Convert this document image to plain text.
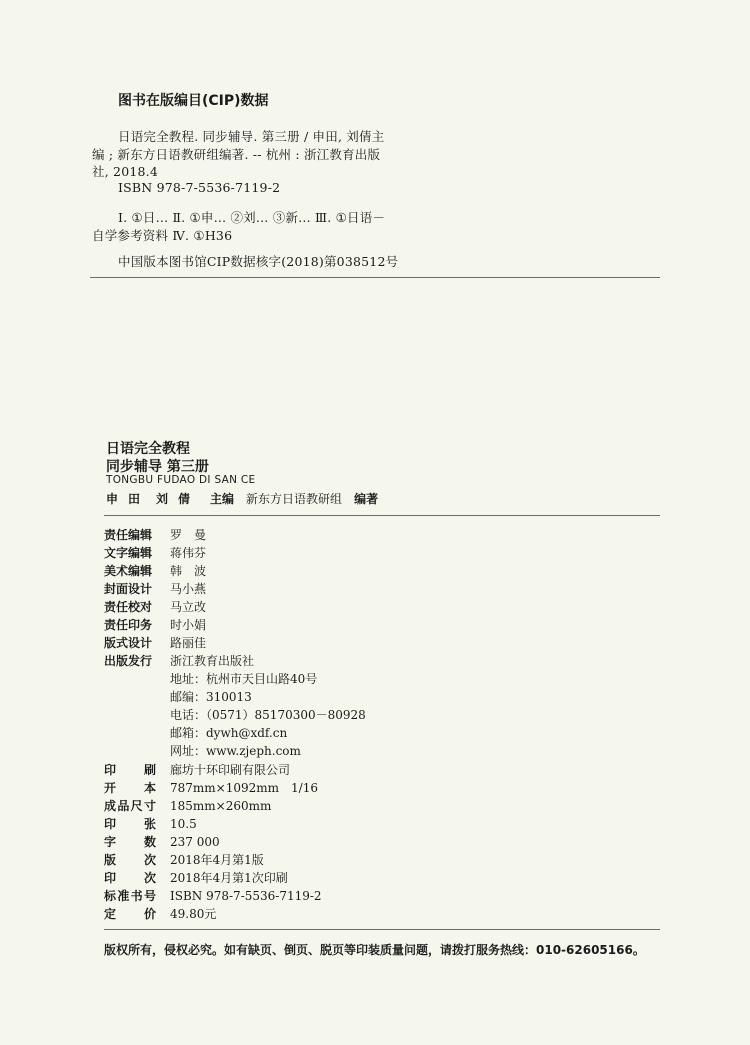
图书在版编目(CIP)数据
日语完全教程. 同步辅导. 第三册 / 申田, 刘倩主
编 ; 新东方日语教研组编著. -- 杭州 : 浙江教育出版
社, 2018.4
ISBN 978-7-5536-7119-2
Ⅰ. ①日… Ⅱ. ①申… ②刘… ③新… Ⅲ. ①日语－
自学参考资料 Ⅳ. ①H36
中国版本图书馆CIP数据核字(2018)第038512号
日语完全教程
同步辅导 第三册
TONGBU FUDAO DI SAN CE
申田 刘倩 主编 新东方日语教研组 编著
责任编辑	罗　曼
文字编辑	蒋伟芬
美术编辑	韩　波
封面设计	马小燕
责任校对	马立改
责任印务	时小娟
版式设计	路丽佳
出版发行	浙江教育出版社
地址：杭州市天目山路40号
邮编：310013
电话：（0571）85170300－80928
邮箱：dywh@xdf.cn
网址：www.zjeph.com
印刷 廊坊十环印刷有限公司
开本 787mm×1092mm　1/16
成品尺寸 185mm×260mm
印张 10.5
字数 237 000
版次 2018年4月第1版
印次 2018年4月第1次印刷
标准书号 ISBN 978-7-5536-7119-2
定价 49.80元
版权所有，侵权必究。如有缺页、倒页、脱页等印装质量问题，请拨打服务热线：010-62605166。
